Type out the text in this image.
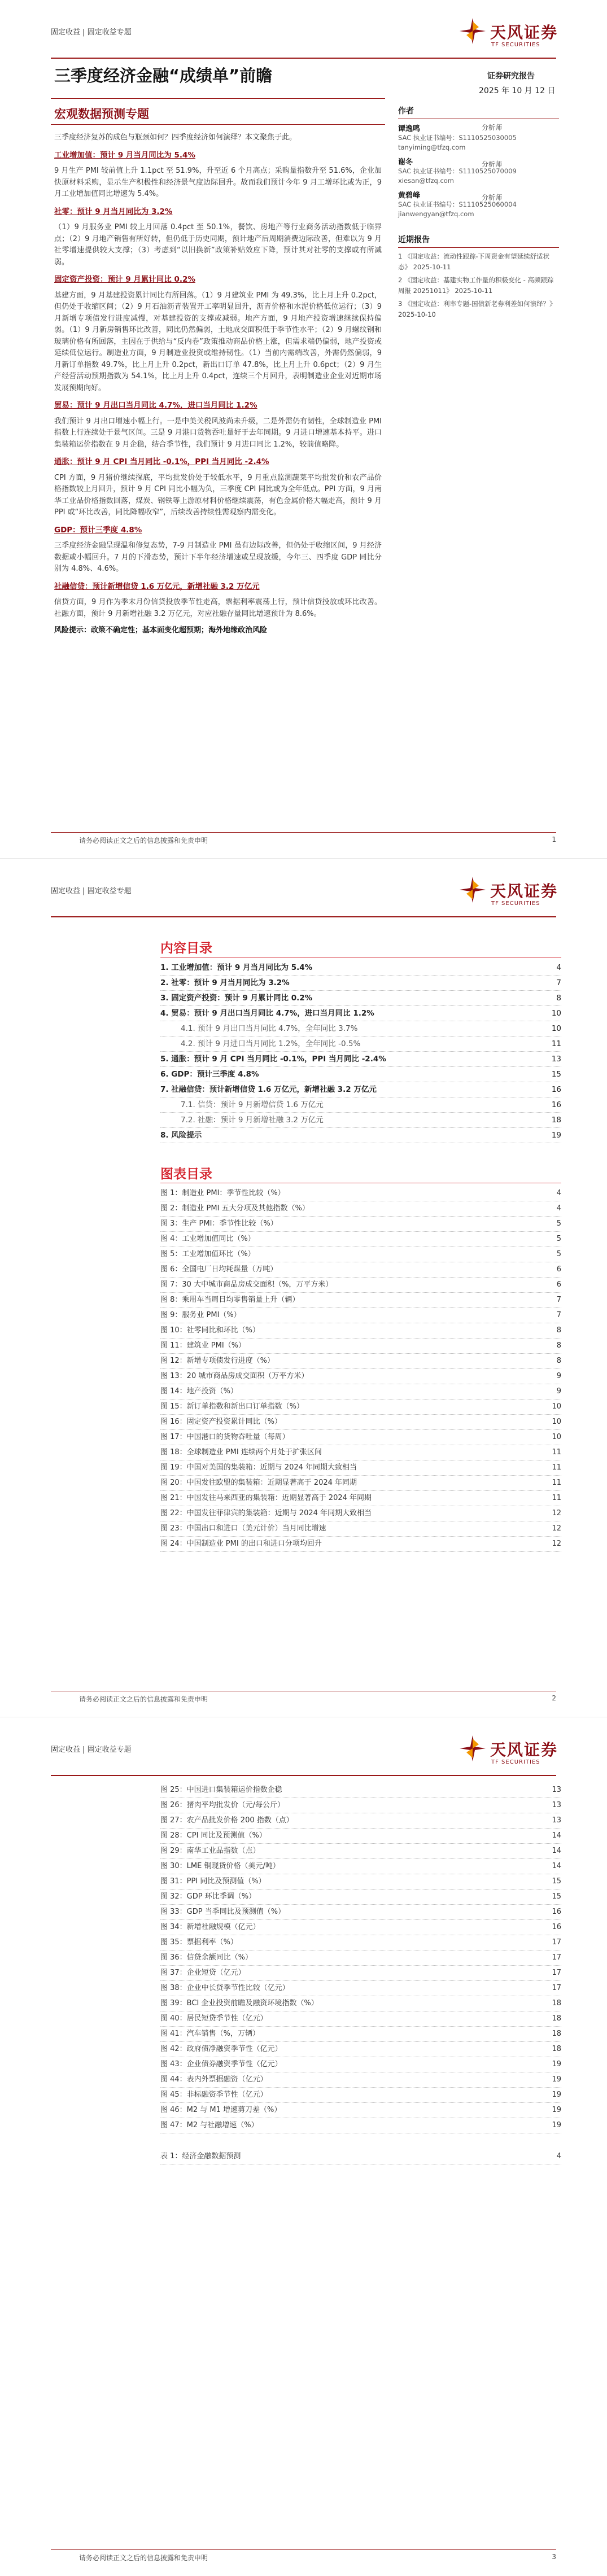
固定收益 | 固定收益专题	天风证券
TF SECURITIES
三季度经济金融“成绩单”前瞻	证券研究报告
2025 年 10 月 12 日
宏观数据预测专题

三季度经济复苏的成色与瓶颈如何？四季度经济如何演绎？本文聚焦于此。

工业增加值：预计 9 月当月同比为 5.4%

9 月生产 PMI 较前值上升 1.1pct 至 51.9%，升至近 6 个月高点；采购量指数升至 51.6%，企业加快原材料采购，显示生产积极性和经济景气度边际回升。故而我们预计今年 9 月工增环比或为正，9 月工业增加值同比增速为 5.4%。

社零：预计 9 月当月同比为 3.2%

（1）9 月服务业 PMI 较上月回落 0.4pct 至 50.1%，餐饮、房地产等行业商务活动指数低于临界点；（2）9 月地产销售有所好转，但仍低于历史同期，预计地产后周期消费边际改善，但难以为 9 月社零增速提供较大支撑；（3）考虑到“以旧换新”政策补贴效应下降，预计其对社零的支撑或有所减弱。

固定资产投资：预计 9 月累计同比 0.2%

基建方面，9 月基建投资累计同比有所回落。（1）9 月建筑业 PMI 为 49.3%，比上月上升 0.2pct，但仍处于收缩区间；（2）9 月石油沥青装置开工率明显回升，沥青价格和水泥价格低位运行；（3）9 月新增专项债发行进度减慢，对基建投资的支撑或减弱。地产方面，9 月地产投资增速继续保持偏弱。（1）9 月新房销售环比改善，同比仍然偏弱，土地成交面积低于季节性水平；（2）9 月螺纹钢和玻璃价格有所回落，主因在于供给与“反内卷”政策推动商品价格上涨，但需求端仍偏弱，地产投资或延续低位运行。制造业方面，9 月制造业投资或维持韧性。（1）当前内需端改善，外需仍然偏弱，9 月新订单指数 49.7%，比上月上升 0.2pct，新出口订单 47.8%，比上月上升 0.6pct；（2）9 月生产经营活动预期指数为 54.1%，比上月上升 0.4pct，连续三个月回升，表明制造业企业对近期市场发展预期向好。

贸易：预计 9 月出口当月同比 4.7%，进口当月同比 1.2%

我们预计 9 月出口增速小幅上行。一是中美关税风波尚未升级，二是外需仍有韧性，全球制造业 PMI 指数上行连续处于景气区间。三是 9 月港口货物吞吐量好于去年同期。9 月进口增速基本持平。进口集装箱运价指数在 9 月企稳，结合季节性，我们预计 9 月进口同比 1.2%，较前值略降。

通胀：预计 9 月 CPI 当月同比 -0.1%，PPI 当月同比 -2.4%

CPI 方面，9 月猪价继续探底，平均批发价处于较低水平，9 月重点监测蔬菜平均批发价和农产品价格指数较上月回升，预计 9 月 CPI 同比小幅为负，三季度 CPI 同比或为全年低点。PPI 方面，9 月南华工业品价格指数回落，煤炭、钢铁等上游原材料价格继续震荡，有色金属价格大幅走高，预计 9 月 PPI 或“环比改善，同比降幅收窄”，后续改善持续性需观察内需变化。

GDP：预计三季度 4.8%

三季度经济金融呈现温和修复态势，7-9 月制造业 PMI 虽有边际改善，但仍处于收缩区间，9 月经济数据或小幅回升。7 月的下滑态势，预计下半年经济增速或呈现放缓，今年三、四季度 GDP 同比分别为 4.8%、4.6%。

社融信贷：预计新增信贷 1.6 万亿元，新增社融 3.2 万亿元

信贷方面，9 月作为季末月份信贷投放季节性走高，票据利率震荡上行，预计信贷投放或环比改善。社融方面，预计 9 月新增社融 3.2 万亿元，对应社融存量同比增速预计为 8.6%。

风险提示：政策不确定性；基本面变化超预期；海外地缘政治风险

作者
谭逸鸣	分析师
SAC 执业证书编号：S1110525030005
tanyiming@tfzq.com
谢冬	分析师
SAC 执业证书编号：S1110525070009
xiesan@tfzq.com
黄碧峰	分析师
SAC 执业证书编号：S1110525060004
jianwengyan@tfzq.com
近期报告
1 《固定收益：流动性跟踪-下周资金有望延续舒适状态》 2025-10-11
2 《固定收益：基建实物工作量的积极变化 - 高频跟踪周报 20251011》 2025-10-11
3 《固定收益：利率专题-国债新老券利差如何演绎？》 2025-10-10
请务必阅读正文之后的信息披露和免责申明	1
固定收益 | 固定收益专题	天风证券
TF SECURITIES
内容目录
1. 工业增加值：预计 9 月当月同比为 5.4%	4
2. 社零：预计 9 月当月同比为 3.2%	7
3. 固定资产投资：预计 9 月累计同比 0.2%	8
4. 贸易：预计 9 月出口当月同比 4.7%，进口当月同比 1.2%	10
4.1. 预计 9 月出口当月同比 4.7%，全年同比 3.7%	10
4.2. 预计 9 月进口当月同比 1.2%，全年同比 -0.5%	11
5. 通胀：预计 9 月 CPI 当月同比 -0.1%，PPI 当月同比 -2.4%	13
6. GDP：预计三季度 4.8%	15
7. 社融信贷：预计新增信贷 1.6 万亿元，新增社融 3.2 万亿元	16
7.1. 信贷：预计 9 月新增信贷 1.6 万亿元	16
7.2. 社融：预计 9 月新增社融 3.2 万亿元	18
8. 风险提示	19
图表目录
图 1：制造业 PMI：季节性比较（%）	4
图 2：制造业 PMI 五大分项及其他指数（%）	4
图 3：生产 PMI：季节性比较（%）	5
图 4：工业增加值同比（%）	5
图 5：工业增加值环比（%）	5
图 6：全国电厂日均耗煤量（万吨）	6
图 7：30 大中城市商品房成交面积（%，万平方米）	6
图 8：乘用车当周日均零售销量上升（辆）	7
图 9：服务业 PMI（%）	7
图 10：社零同比和环比（%）	8
图 11：建筑业 PMI（%）	8
图 12：新增专项债发行进度（%）	8
图 13：20 城市商品房成交面积（万平方米）	9
图 14：地产投资（%）	9
图 15：新订单指数和新出口订单指数（%）	10
图 16：固定资产投资累计同比（%）	10
图 17：中国港口的货物吞吐量（每周）	10
图 18：全球制造业 PMI 连续两个月处于扩张区间	11
图 19：中国对美国的集装箱：近期与 2024 年同期大致相当	11
图 20：中国发往欧盟的集装箱：近期显著高于 2024 年同期	11
图 21：中国发往马来西亚的集装箱：近期显著高于 2024 年同期	11
图 22：中国发往菲律宾的集装箱：近期与 2024 年同期大致相当	12
图 23：中国出口和进口（美元计价）当月同比增速	12
图 24：中国制造业 PMI 的出口和进口分项均回升	12
请务必阅读正文之后的信息披露和免责申明	2
固定收益 | 固定收益专题	天风证券
TF SECURITIES
图 25：中国进口集装箱运价指数企稳	13
图 26：猪肉平均批发价（元/每公斤）	13
图 27：农产品批发价格 200 指数（点）	13
图 28：CPI 同比及预测值（%）	14
图 29：南华工业品指数（点）	14
图 30：LME 铜现货价格（美元/吨）	14
图 31：PPI 同比及预测值（%）	15
图 32：GDP 环比季调（%）	15
图 33：GDP 当季同比及预测值（%）	16
图 34：新增社融规模（亿元）	16
图 35：票据利率（%）	17
图 36：信贷余额同比（%）	17
图 37：企业短贷（亿元）	17
图 38：企业中长贷季节性比较（亿元）	17
图 39：BCI 企业投资前瞻及融资环境指数（%）	18
图 40：居民短贷季节性（亿元）	18
图 41：汽车销售（%，万辆）	18
图 42：政府债净融资季节性（亿元）	18
图 43：企业债券融资季节性（亿元）	19
图 44：表内外票据融资（亿元）	19
图 45：非标融资季节性（亿元）	19
图 46：M2 与 M1 增速剪刀差（%）	19
图 47：M2 与社融增速（%）	19
表 1：经济金融数据预测	4
请务必阅读正文之后的信息披露和免责申明	3
